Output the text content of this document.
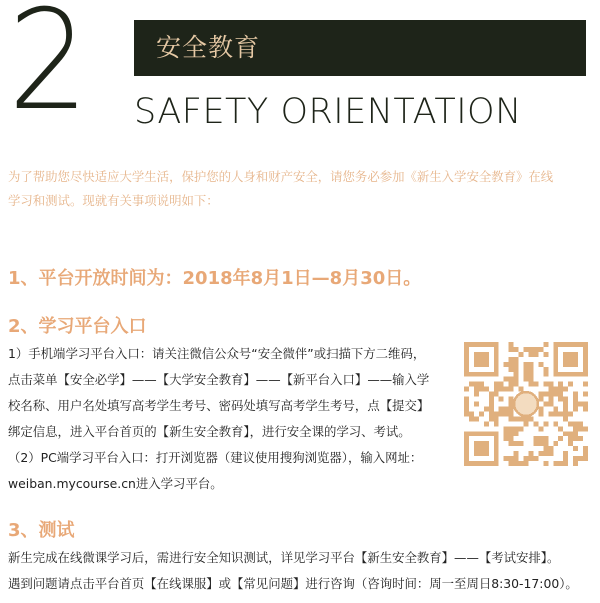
2	安全教育
SAFETY ORIENTATION
为了帮助您尽快适应大学生活，保护您的人身和财产安全，请您务必参加《新生入学安全教育》在线
学习和测试。现就有关事项说明如下：
1、平台开放时间为：2018年8月1日—8月30日。
2、学习平台入口
1）手机端学习平台入口：请关注微信公众号“安全微伴”或扫描下方二维码，
点击菜单【安全必学】——【大学安全教育】——【新平台入口】——输入学
校名称、用户名处填写高考学生考号、密码处填写高考学生考号，点【提交】
绑定信息，进入平台首页的【新生安全教育】，进行安全课的学习、考试。
（2）PC端学习平台入口：打开浏览器（建议使用搜狗浏览器），输入网址：
weiban.mycourse.cn进入学习平台。
3、测试
新生完成在线微课学习后，需进行安全知识测试，详见学习平台【新生安全教育】——【考试安排】。
遇到问题请点击平台首页【在线课服】或【常见问题】进行咨询（咨询时间：周一至周日8:30-17:00）。
